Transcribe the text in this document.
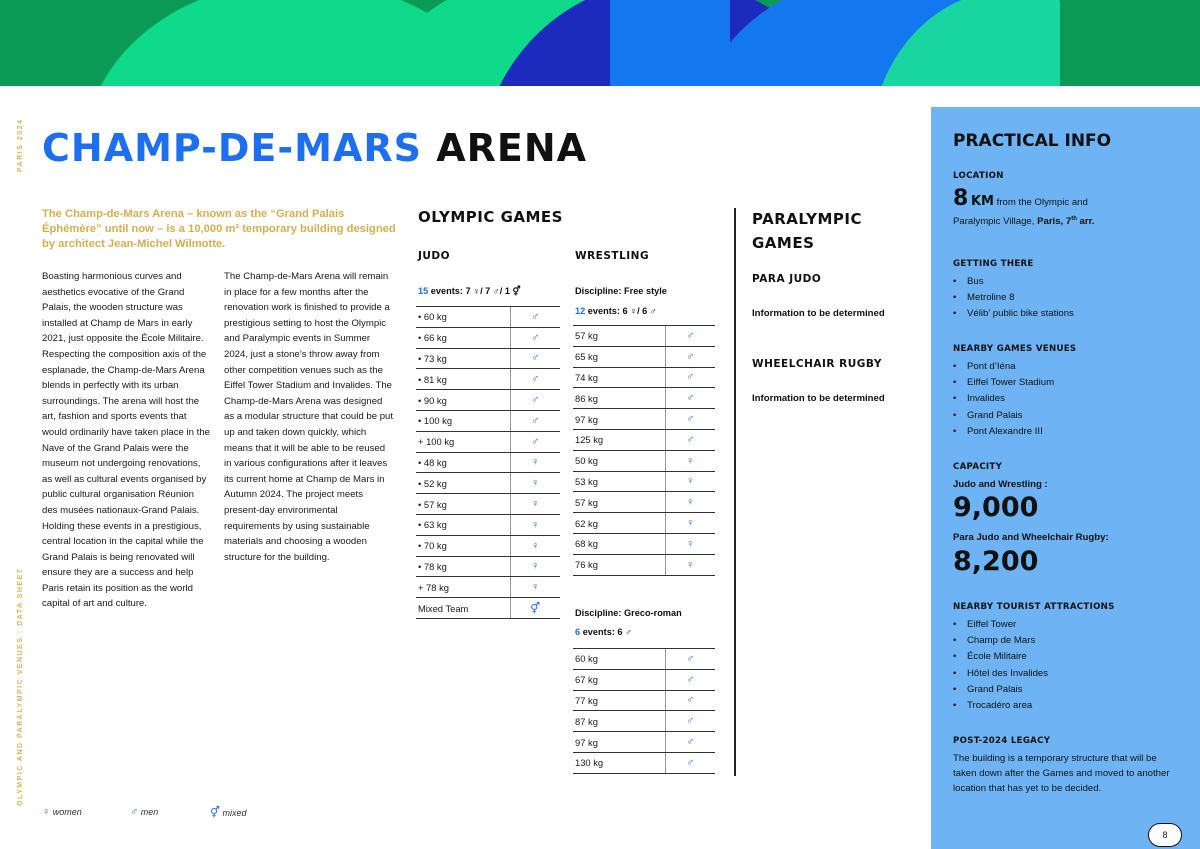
PARIS 2024
OLYMPIC AND PARALYMPIC VENUES : DATA SHEET
CHAMP-DE-MARS ARENA
The Champ-de-Mars Arena – known as the “Grand Palais Éphémère” until now – is a 10,000 m² temporary building designed by architect Jean-Michel Wilmotte.
Boasting harmonious curves and aesthetics evocative of the Grand Palais, the wooden structure was installed at Champ de Mars in early 2021, just opposite the École Militaire. Respecting the composition axis of the esplanade, the Champ-de-Mars Arena blends in perfectly with its urban surroundings. The arena will host the art, fashion and sports events that would ordinarily have taken place in the Nave of the Grand Palais were the museum not undergoing renovations, as well as cultural events organised by public cultural organisation Réunion des musées nationaux-Grand Palais. Holding these events in a prestigious, central location in the capital while the Grand Palais is being renovated will ensure they are a success and help Paris retain its position as the world capital of art and culture.
The Champ-de-Mars Arena will remain in place for a few months after the renovation work is finished to provide a prestigious setting to host the Olympic and Paralympic events in Summer 2024, just a stone’s throw away from other competition venues such as the Eiffel Tower Stadium and Invalides. The Champ-de-Mars Arena was designed as a modular structure that could be put up and taken down quickly, which means that it will be able to be reused in various configurations after it leaves its current home at Champ de Mars in Autumn 2024. The project meets present-day environmental requirements by using sustainable materials and choosing a wooden structure for the building.
OLYMPIC GAMES
JUDO
15 events: 7 ♀/ 7 ♂/ 1 ⚥
• 60 kg	♂
• 66 kg	♂
• 73 kg	♂
• 81 kg	♂
• 90 kg	♂
• 100 kg	♂
+ 100 kg	♂
• 48 kg	♀
• 52 kg	♀
• 57 kg	♀
• 63 kg	♀
• 70 kg	♀
• 78 kg	♀
+ 78 kg	♀
Mixed Team	⚥
WRESTLING
Discipline: Free style
12 events: 6 ♀/ 6 ♂
57 kg	♂
65 kg	♂
74 kg	♂
86 kg	♂
97 kg	♂
125 kg	♂
50 kg	♀
53 kg	♀
57 kg	♀
62 kg	♀
68 kg	♀
76 kg	♀
Discipline: Greco-roman
6 events: 6 ♂
60 kg	♂
67 kg	♂
77 kg	♂
87 kg	♂
97 kg	♂
130 kg	♂
PARALYMPIC GAMES
PARA JUDO
Information to be determined
WHEELCHAIR RUGBY
Information to be determined
PRACTICAL INFO
LOCATION
8 KM from the Olympic and
Paralympic Village, Paris, 7th arr.
GETTING THERE
• Bus
• Metroline 8
• Vélib’ public bike stations
NEARBY GAMES VENUES
• Pont d’Iéna
• Eiffel Tower Stadium
• Invalides
• Grand Palais
• Pont Alexandre III
CAPACITY
Judo and Wrestling :
9,000
Para Judo and Wheelchair Rugby:
8,200
NEARBY TOURIST ATTRACTIONS
• Eiffel Tower
• Champ de Mars
• École Militaire
• Hôtel des Invalides
• Grand Palais
• Trocadéro area
POST-2024 LEGACY
The building is a temporary structure that will be taken down after the Games and moved to another location that has yet to be decided.
8
♀ women	♂ men	⚥ mixed
